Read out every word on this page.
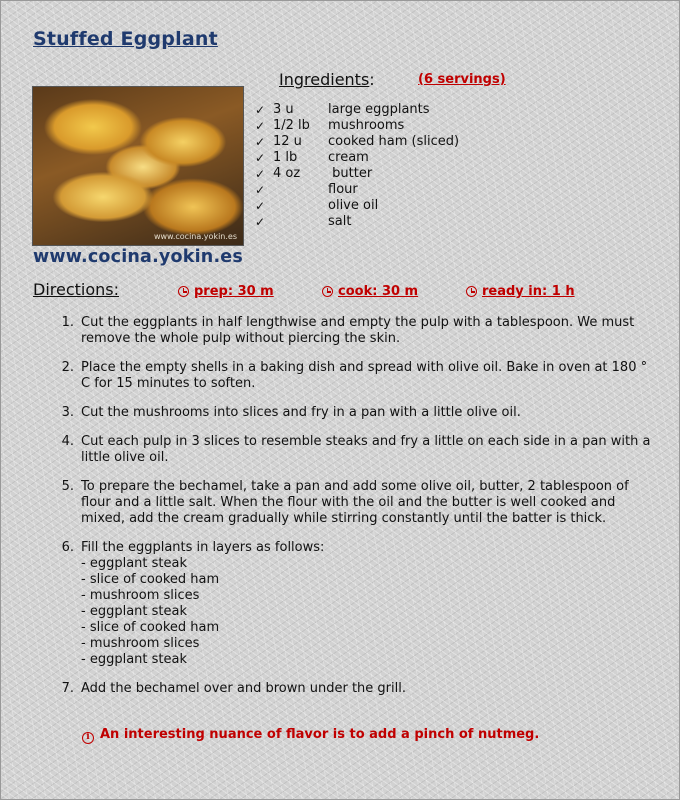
Stuffed Eggplant
www.cocina.yokin.es
www.cocina.yokin.es
Ingredients:	(6 servings)
✓ 3 u	large eggplants
✓ 1/2 lb mushrooms
✓ 12 u cooked ham (sliced)
✓ 1 lb cream
✓ 4 oz butter
✓	flour
✓	olive oil
✓	salt
Directions:	prep: 30 m	cook: 30 m	ready in: 1 h
1. Cut the eggplants in half lengthwise and empty the pulp with a tablespoon. We must remove the whole pulp without piercing the skin.
2. Place the empty shells in a baking dish and spread with olive oil. Bake in oven at 180 ° C for 15 minutes to soften.
3. Cut the mushrooms into slices and fry in a pan with a little olive oil.
4. Cut each pulp in 3 slices to resemble steaks and fry a little on each side in a pan with a little olive oil.
5. To prepare the bechamel, take a pan and add some olive oil, butter, 2 tablespoon of flour and a little salt. When the flour with the oil and the butter is well cooked and mixed, add the cream gradually while stirring constantly until the batter is thick.
6. Fill the eggplants in layers as follows:
- eggplant steak
- slice of cooked ham
- mushroom slices
- eggplant steak
- slice of cooked ham
- mushroom slices
- eggplant steak
7. Add the bechamel over and brown under the grill.
i An interesting nuance of flavor is to add a pinch of nutmeg.
